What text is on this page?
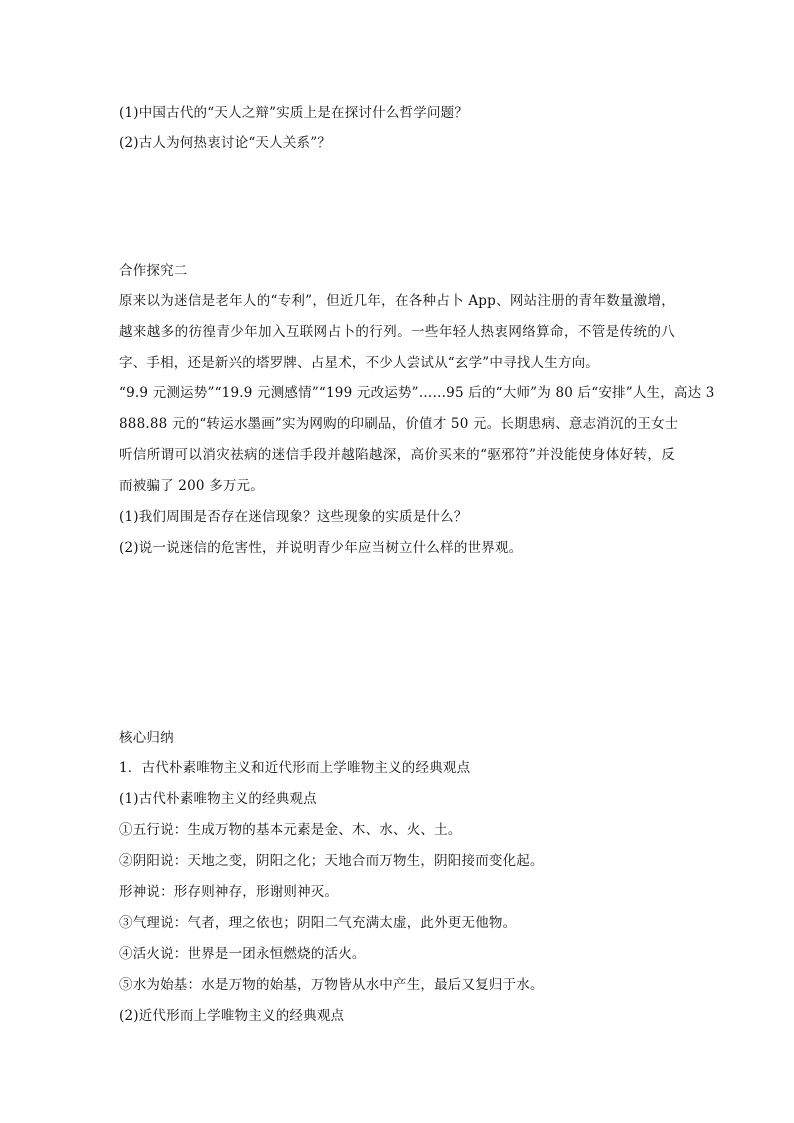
(1)中国古代的“天人之辩”实质上是在探讨什么哲学问题？
(2)古人为何热衷讨论“天人关系”？
合作探究二
原来以为迷信是老年人的“专利”，但近几年，在各种占卜 App、网站注册的青年数量激增，
越来越多的彷徨青少年加入互联网占卜的行列。一些年轻人热衷网络算命，不管是传统的八
字、手相，还是新兴的塔罗牌、占星术，不少人尝试从“玄学”中寻找人生方向。
“9.9 元测运势”“19.9 元测感情”“199 元改运势”……95 后的“大师”为 80 后“安排”人生，高达 3
888.88 元的“转运水墨画”实为网购的印刷品，价值才 50 元。长期患病、意志消沉的王女士
听信所谓可以消灾祛病的迷信手段并越陷越深，高价买来的“驱邪符”并没能使身体好转，反
而被骗了 200 多万元。
(1)我们周围是否存在迷信现象？这些现象的实质是什么？
(2)说一说迷信的危害性，并说明青少年应当树立什么样的世界观。
核心归纳
1．古代朴素唯物主义和近代形而上学唯物主义的经典观点
(1)古代朴素唯物主义的经典观点
①五行说：生成万物的基本元素是金、木、水、火、土。
②阴阳说：天地之变，阴阳之化；天地合而万物生，阴阳接而变化起。
形神说：形存则神存，形谢则神灭。
③气理说：气者，理之依也；阴阳二气充满太虚，此外更无他物。
④活火说：世界是一团永恒燃烧的活火。
⑤水为始基：水是万物的始基，万物皆从水中产生，最后又复归于水。
(2)近代形而上学唯物主义的经典观点
